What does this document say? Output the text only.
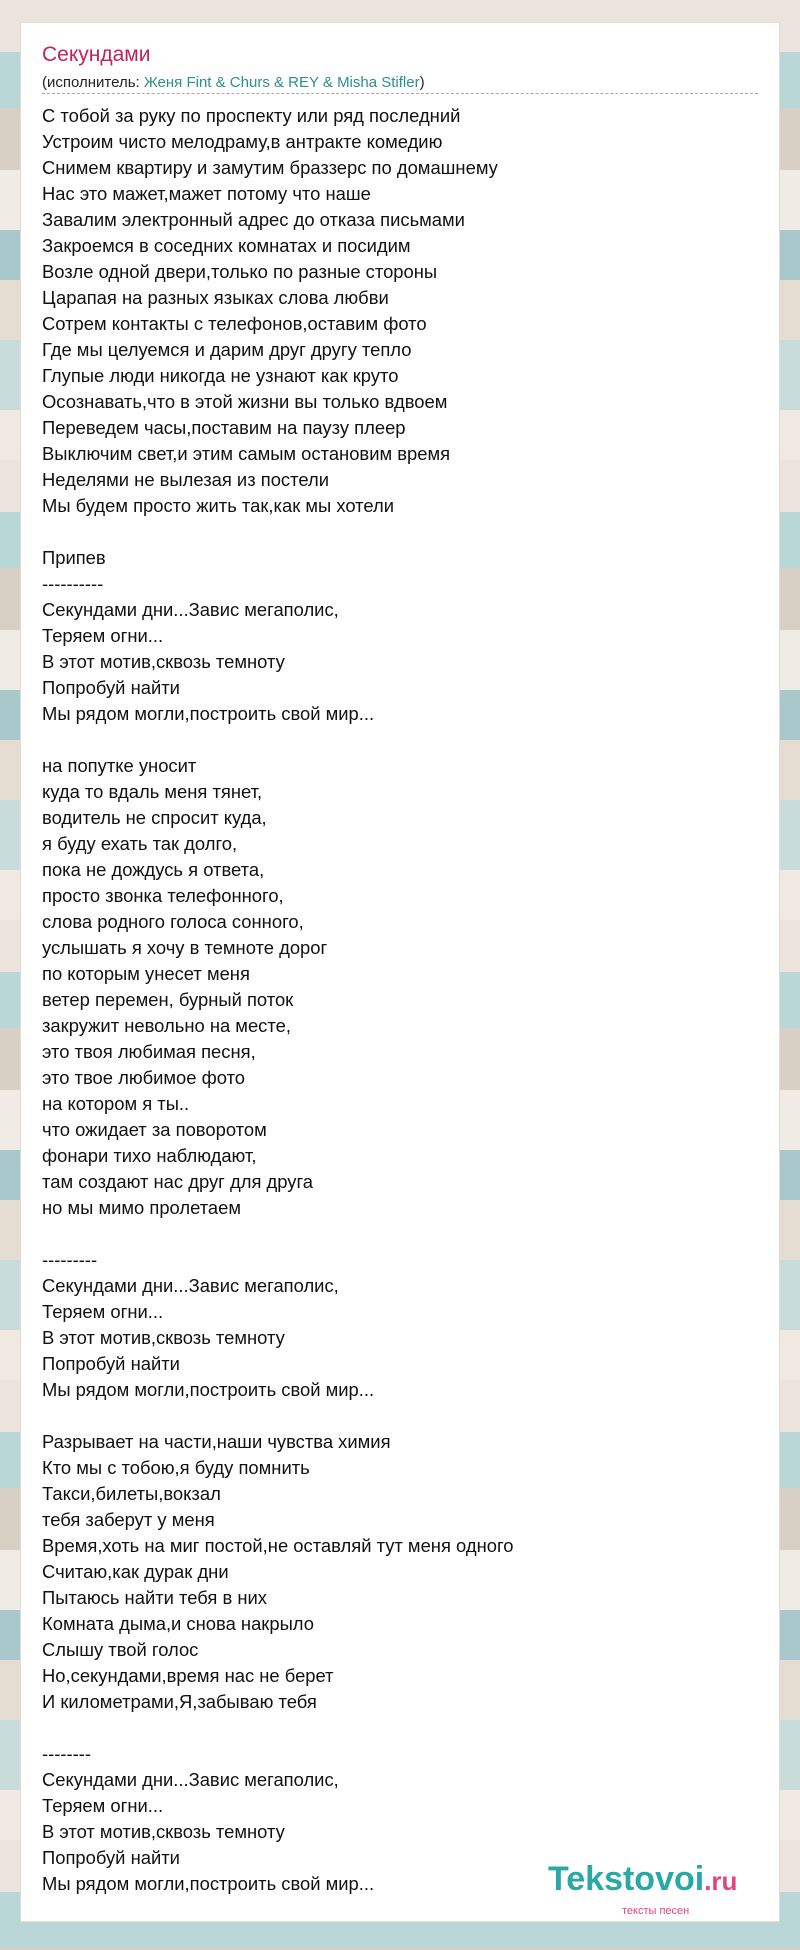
Секундами
(исполнитель: Женя Fint & Churs & REY & Misha Stifler)
С тобой за руку по проспекту или ряд последний
Устроим чисто мелодраму,в антракте комедию
Снимем квартиру и замутим браззерс по домашнему
Нас это мажет,мажет потому что наше
Завалим электронный адрес до отказа письмами
Закроемся в соседних комнатах и посидим
Возле одной двери,только по разные стороны
Царапая на разных языках слова любви
Сотрем контакты с телефонов,оставим фото
Где мы целуемся и дарим друг другу тепло
Глупые люди никогда не узнают как круто
Осознавать,что в этой жизни вы только вдвоем
Переведем часы,поставим на паузу плеер
Выключим свет,и этим самым остановим время
Неделями не вылезая из постели
Мы будем просто жить так,как мы хотели

Припев
----------
Секундами дни...Завис мегаполис,
Теряем огни...
В этот мотив,сквозь темноту
Попробуй найти
Мы рядом могли,построить свой мир...

на попутке уносит
куда то вдаль меня тянет,
водитель не спросит куда,
я буду ехать так долго,
пока не дождусь я ответа,
просто звонка телефонного,
слова родного голоса сонного,
услышать я хочу в темноте дорог
по которым унесет меня
ветер перемен, бурный поток
закружит невольно на месте,
это твоя любимая песня,
это твое любимое фото
на котором я ты..
что ожидает за поворотом
фонари тихо наблюдают,
там создают нас друг для друга
но мы мимо пролетаем

---------
Секундами дни...Завис мегаполис,
Теряем огни...
В этот мотив,сквозь темноту
Попробуй найти
Мы рядом могли,построить свой мир...

Разрывает на части,наши чувства химия
Кто мы с тобою,я буду помнить
Такси,билеты,вокзал
тебя заберут у меня
Время,хоть на миг постой,не оставляй тут меня одного
Считаю,как дурак дни
Пытаюсь найти тебя в них
Комната дыма,и снова накрыло
Слышу твой голос
Но,секундами,время нас не берет
И километрами,Я,забываю тебя

--------
Секундами дни...Завис мегаполис,
Теряем огни...
В этот мотив,сквозь темноту
Попробуй найти
Мы рядом могли,построить свой мир...	Tekstovoi.ru
тексты песен
